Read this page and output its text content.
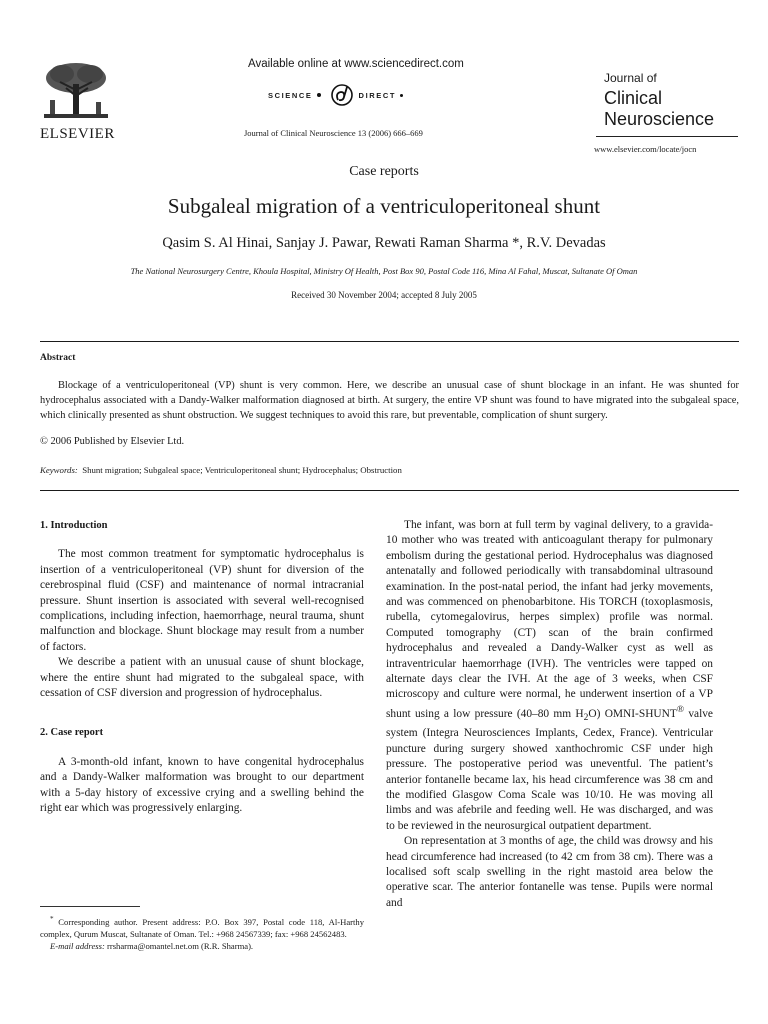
ELSEVIER
Available online at www.sciencedirect.com
SCIENCE	DIRECT
Journal of Clinical Neuroscience 13 (2006) 666–669
Journal of
Clinical
Neuroscience
www.elsevier.com/locate/jocn
Case reports
Subgaleal migration of a ventriculoperitoneal shunt
Qasim S. Al Hinai, Sanjay J. Pawar, Rewati Raman Sharma *, R.V. Devadas
The National Neurosurgery Centre, Khoula Hospital, Ministry Of Health, Post Box 90, Postal Code 116, Mina Al Fahal, Muscat, Sultanate Of Oman
Received 30 November 2004; accepted 8 July 2005
Abstract
Blockage of a ventriculoperitoneal (VP) shunt is very common. Here, we describe an unusual case of shunt blockage in an infant. He was shunted for hydrocephalus associated with a Dandy-Walker malformation diagnosed at birth. At surgery, the entire VP shunt was found to have migrated into the subgaleal space, which clinically presented as shunt obstruction. We suggest techniques to avoid this rare, but preventable, complication of shunt surgery.
© 2006 Published by Elsevier Ltd.
Keywords: Shunt migration; Subgaleal space; Ventriculoperitoneal shunt; Hydrocephalus; Obstruction
1. Introduction

The most common treatment for symptomatic hydrocephalus is insertion of a ventriculoperitoneal (VP) shunt for diversion of the cerebrospinal fluid (CSF) and maintenance of normal intracranial pressure. Shunt insertion is associated with several well-recognised complications, including infection, haemorrhage, neural trauma, shunt malfunction and blockage. Shunt blockage may result from a number of factors.

We describe a patient with an unusual cause of shunt blockage, where the entire shunt had migrated to the subgaleal space, with cessation of CSF diversion and progression of hydrocephalus.

2. Case report

A 3-month-old infant, known to have congenital hydrocephalus and a Dandy-Walker malformation was brought to our department with a 5-day history of excessive crying and a swelling behind the right ear which was progressively enlarging.

* Corresponding author. Present address: P.O. Box 397, Postal code 118, Al-Harthy complex, Qurum Muscat, Sultanate of Oman. Tel.: +968 24567339; fax: +968 24562483.

E-mail address: rrsharma@omantel.net.om (R.R. Sharma).

The infant, was born at full term by vaginal delivery, to a gravida-10 mother who was treated with anticoagulant therapy for pulmonary embolism during the gestational period. Hydrocephalus was diagnosed antenatally and followed periodically with transabdominal ultrasound examination. In the post-natal period, the infant had jerky movements, and was commenced on phenobarbitone. His TORCH (toxoplasmosis, rubella, cytomegalovirus, herpes simplex) profile was normal. Computed tomography (CT) scan of the brain confirmed hydrocephalus and revealed a Dandy-Walker cyst as well as intraventricular haemorrhage (IVH). The ventricles were tapped on alternate days clear the IVH. At the age of 3 weeks, when CSF microscopy and culture were normal, he underwent insertion of a VP shunt using a low pressure (40–80 mm $H_2O$) OMNI-SHUNT® valve system (Integra Neurosciences Implants, Cedex, France). Ventricular puncture during surgery showed xanthochromic CSF under high pressure. The postoperative period was uneventful. The patient’s anterior fontanelle became lax, his head circumference was 38 cm and the modified Glasgow Coma Scale was 10/10. He was moving all limbs and was afebrile and feeding well. He was discharged, and was to be reviewed in the neurosurgical outpatient department.

On representation at 3 months of age, the child was drowsy and his head circumference had increased (to 42 cm from 38 cm). There was a localised soft scalp swelling in the right mastoid area below the operative scar. The anterior fontanelle was tense. Pupils were normal and
